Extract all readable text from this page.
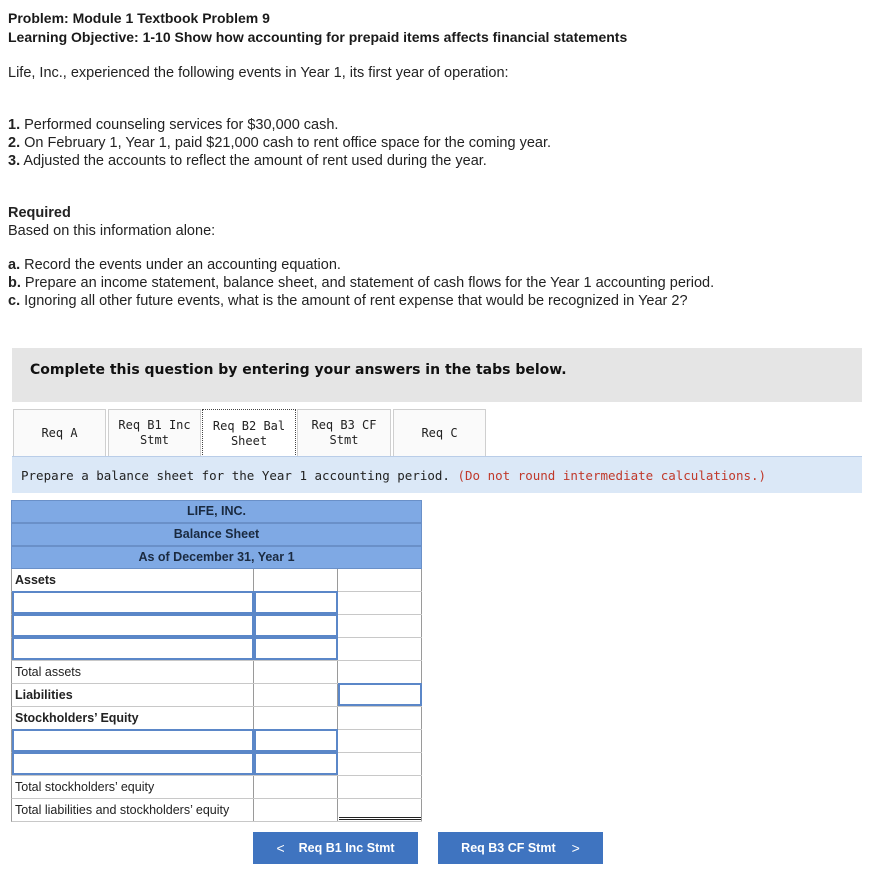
Problem: Module 1 Textbook Problem 9
Learning Objective: 1-10 Show how accounting for prepaid items affects financial statements
Life, Inc., experienced the following events in Year 1, its first year of operation:
1. Performed counseling services for $30,000 cash.
2. On February 1, Year 1, paid $21,000 cash to rent office space for the coming year.
3. Adjusted the accounts to reflect the amount of rent used during the year.
Required
Based on this information alone:
a. Record the events under an accounting equation.
b. Prepare an income statement, balance sheet, and statement of cash flows for the Year 1 accounting period.
c. Ignoring all other future events, what is the amount of rent expense that would be recognized in Year 2?
Complete this question by entering your answers in the tabs below.
Req A
Req B1 Inc
Stmt
Req B2 Bal
Sheet
Req B3 CF
Stmt
Req C
Prepare a balance sheet for the Year 1 accounting period. (Do not round intermediate calculations.)
LIFE, INC.
Balance Sheet
As of December 31, Year 1
Assets
Total assets
Liabilities
Stockholders’ Equity
Total stockholders’ equity
Total liabilities and stockholders’ equity
< Req B1 Inc Stmt	Req B3 CF Stmt >
